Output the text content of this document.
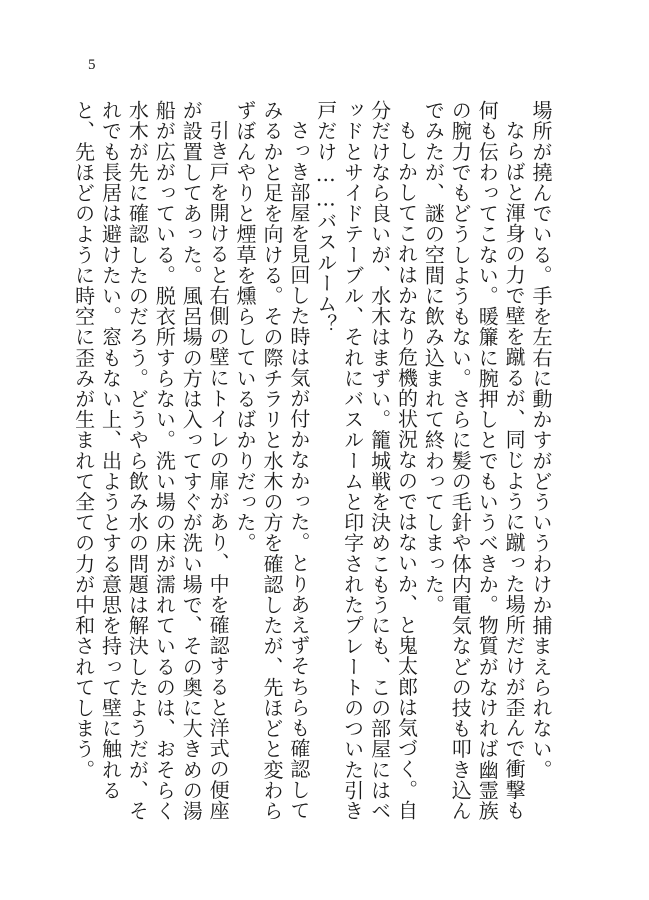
5

場所が撓んでいる。手を左右に動かすがどういうわけか捕まえられない。

ならばと渾身の力で壁を蹴るが、同じように蹴った場所だけが歪んで衝撃も何も伝わってこない。暖簾に腕押しとでもいうべきか。物質がなければ幽霊族の腕力でもどうしようもない。さらに髪の毛針や体内電気などの技も叩き込んでみたが、謎の空間に飲み込まれて終わってしまった。

もしかしてこれはかなり危機的状況なのではないか、と鬼太郎は気づく。自分だけなら良いが、水木はまずい。籠城戦を決めこもうにも、この部屋にはベッドとサイドテーブル、それにバスルームと印字されたプレートのついた引き戸だけ……バスルーム？

さっき部屋を見回した時は気が付かなかった。とりあえずそちらも確認してみるかと足を向ける。その際チラリと水木の方を確認したが、先ほどと変わらずぼんやりと煙草を燻らしているばかりだった。

引き戸を開けると右側の壁にトイレの扉があり、中を確認すると洋式の便座が設置してあった。風呂場の方は入ってすぐが洗い場で、その奥に大きめの湯船が広がっている。脱衣所すらない。洗い場の床が濡れているのは、おそらく水木が先に確認したのだろう。どうやら飲み水の問題は解決したようだが、それでも長居は避けたい。窓もない上、出ようとする意思を持って壁に触れると、先ほどのように時空に歪みが生まれて全ての力が中和されてしまう。
